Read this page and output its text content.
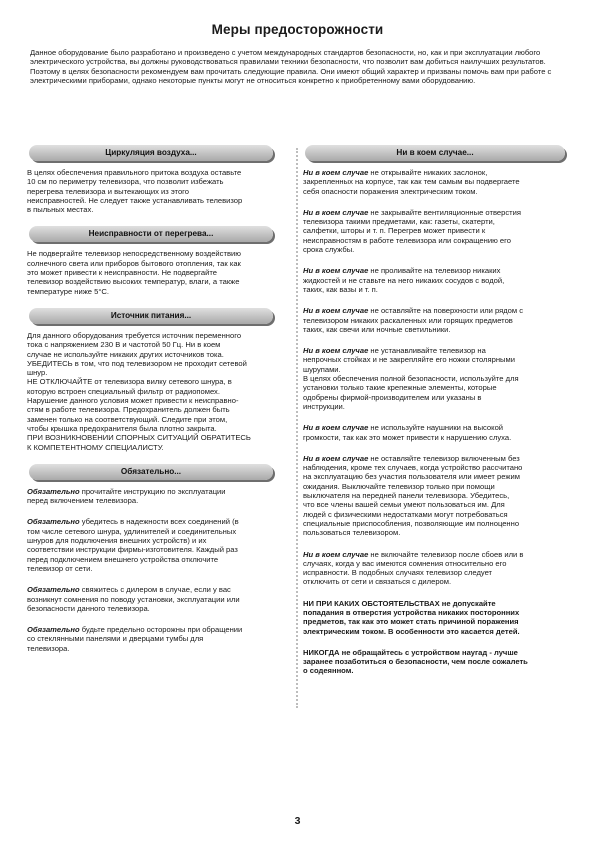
Меры предосторожности

Данное оборудование было разработано и произведено с учетом международных стандартов безопасности, но, как и при эксплуатации любого электрического устройства, вы должны руководствоваться правилами техники безопасности, что позволит вам добиться наилучших результатов. Поэтому в целях безопасности рекомендуем вам прочитать следующие правила. Они имеют общий характер и призваны помочь вам при работе с электрическими приборами, однако некоторые пункты могут не относиться конкретно к приобретенному вами оборудованию.

Циркуляция воздуха...
В целях обеспечения правильного притока воздуха оставьте
10 см по периметру телевизора, что позволит избежать
перегрева телевизора и вытекающих из этого
неисправностей. Не следует также устанавливать телевизор
в пыльных местах.
Неисправности от перегрева...
Не подвергайте телевизор непосредственному воздействию
солнечного света или приборов бытового отопления, так как
это может привести к неисправности. Не подвергайте
телевизор воздействию высоких температур, влаги, а также
температуре ниже 5°С.
Источник питания...
Для данного оборудования требуется источник переменного
тока с напряжением 230 В и частотой 50 Гц. Ни в коем
случае не используйте никаких других источников тока.
УБЕДИТЕСЬ в том, что под телевизором не проходит сетевой
шнур.
НЕ ОТКЛЮЧАЙТЕ от телевизора вилку сетевого шнура, в
которую встроен специальный фильтр от радиопомех.
Нарушение данного условия может привести к неисправно-
стям в работе телевизора. Предохранитель должен быть
заменен только на соответствующий. Следите при этом,
чтобы крышка предохранителя была плотно закрыта.
ПРИ ВОЗНИКНОВЕНИИ СПОРНЫХ СИТУАЦИЙ ОБРАТИТЕСЬ
К КОМПЕТЕНТНОМУ СПЕЦИАЛИСТУ.
Обязательно...
Обязательно прочитайте инструкцию по эксплуатации
перед включением телевизора.
Обязательно убедитесь в надежности всех соединений (в
том числе сетевого шнура, удлинителей и соединительных
шнуров для подключения внешних устройств) и их
соответствии инструкции фирмы-изготовителя. Каждый раз
перед подключением внешнего устройства отключите
телевизор от сети.
Обязательно свяжитесь с дилером в случае, если у вас
возникнут сомнения по поводу установки, эксплуатации или
безопасности данного телевизора.
Обязательно будьте предельно осторожны при обращении
со стеклянными панелями и дверцами тумбы для
телевизора.
Ни в коем случае...
Ни в коем случае не открывайте никаких заслонок,
закрепленных на корпусе, так как тем самым вы подвергаете
себя опасности поражения электрическим током.
Ни в коем случае не закрывайте вентиляционные отверстия
телевизора такими предметами, как: газеты, скатерти,
салфетки, шторы и т. п. Перегрев может привести к
неисправностям в работе телевизора или сокращению его
срока службы.
Ни в коем случае не проливайте на телевизор никаких
жидкостей и не ставьте на него никаких сосудов с водой,
таких, как вазы и т. п.
Ни в коем случае не оставляйте на поверхности или рядом с
телевизором никаких раскаленных или горящих предметов
таких, как свечи или ночные светильники.
Ни в коем случае не устанавливайте телевизор на
непрочных стойках и не закрепляйте его ножки столярными
шурупами.
В целях обеспечения полной безопасности, используйте для
установки только такие крепежные элементы, которые
одобрены фирмой-производителем или указаны в
инструкции.
Ни в коем случае не используйте наушники на высокой
громкости, так как это может привести к нарушению слуха.
Ни в коем случае не оставляйте телевизор включенным без
наблюдения, кроме тех случаев, когда устройство рассчитано
на эксплуатацию без участия пользователя или имеет режим
ожидания. Выключайте телевизор только при помощи
выключателя на передней панели телевизора. Убедитесь,
что все члены вашей семьи умеют пользоваться им. Для
людей с физическими недостатками могут потребоваться
специальные приспособления, позволяющие им полноценно
пользоваться телевизором.
Ни в коем случае не включайте телевизор после сбоев или в
случаях, когда у вас имеются сомнения относительно его
исправности. В подобных случаях телевизор следует
отключить от сети и связаться с дилером.
НИ ПРИ КАКИХ ОБСТОЯТЕЛЬСТВАХ не допускайте
попадания в отверстия устройства никаких посторонних
предметов, так как это может стать причиной поражения
электрическим током. В особенности это касается детей.
НИКОГДА не обращайтесь с устройством наугад - лучше
заранее позаботиться о безопасности, чем после сожалеть
о содеянном.
3
